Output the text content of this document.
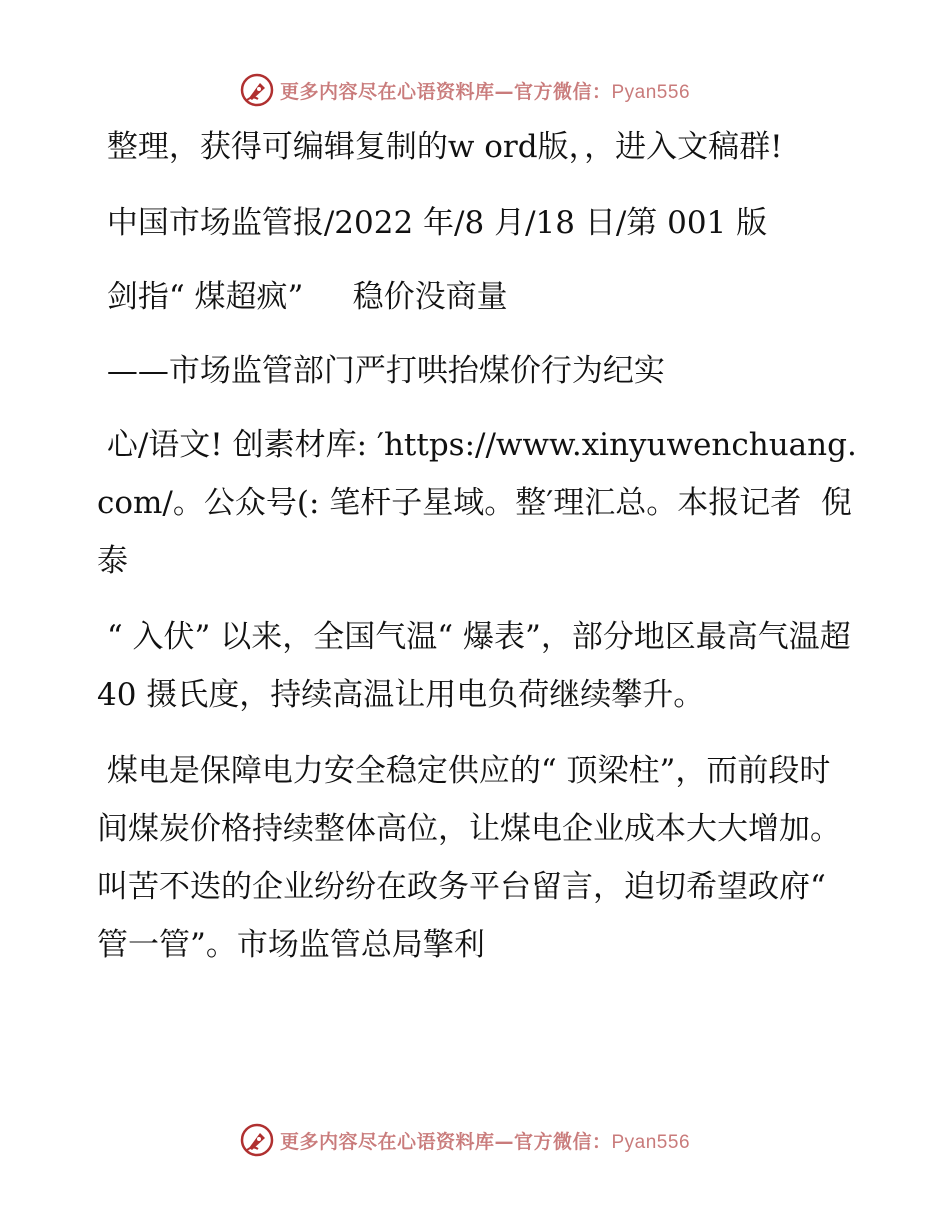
更多内容尽在心语资料库—官方微信：Pyan556

整理，获得可编辑复制的w ord版，，进入文稿群!

中国市场监管报/2022 年/8 月/18 日/第 001 版

剑指“ 煤超疯”     稳价没商量

——市场监管部门严打哄抬煤价行为纪实

心/语文! 创素材库: ′https://www.xinyuwenchuang.com/。公众号(: 笔杆子星域。整′理汇总。本报记者  倪泰

“ 入伏” 以来，全国气温“ 爆表”，部分地区最高气温超 40 摄氏度，持续高温让用电负荷继续攀升。

煤电是保障电力安全稳定供应的“ 顶梁柱”，而前段时间煤炭价格持续整体高位，让煤电企业成本大大增加。叫苦不迭的企业纷纷在政务平台留言，迫切希望政府“ 管一管”。市场监管总局擎利

更多内容尽在心语资料库—官方微信：Pyan556
